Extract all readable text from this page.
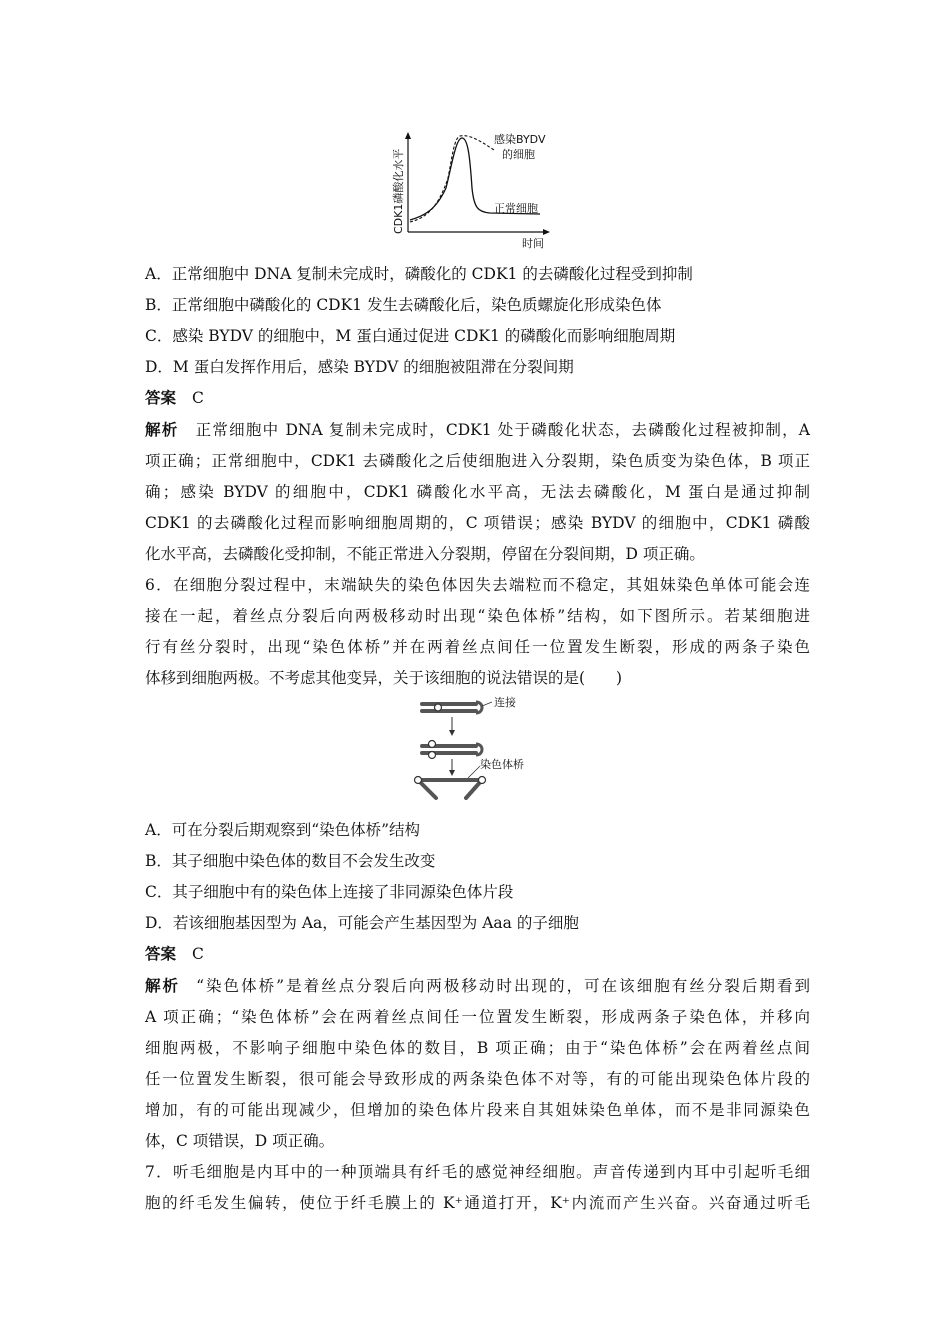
CDK1磷酸化水平
时间
感染BYDV
的细胞
正常细胞
A．正常细胞中 DNA 复制未完成时，磷酸化的 CDK1 的去磷酸化过程受到抑制
B．正常细胞中磷酸化的 CDK1 发生去磷酸化后，染色质螺旋化形成染色体
C．感染 BYDV 的细胞中，M 蛋白通过促进 CDK1 的磷酸化而影响细胞周期
D．M 蛋白发挥作用后，感染 BYDV 的细胞被阻滞在分裂间期
答案 C
解析 正常细胞中 DNA 复制未完成时，CDK1 处于磷酸化状态，去磷酸化过程被抑制，A
项正确；正常细胞中，CDK1 去磷酸化之后使细胞进入分裂期，染色质变为染色体，B 项正
确；感染 BYDV 的细胞中，CDK1 磷酸化水平高，无法去磷酸化，M 蛋白是通过抑制
CDK1 的去磷酸化过程而影响细胞周期的，C 项错误；感染 BYDV 的细胞中，CDK1 磷酸
化水平高，去磷酸化受抑制，不能正常进入分裂期，停留在分裂间期，D 项正确。
6．在细胞分裂过程中，末端缺失的染色体因失去端粒而不稳定，其姐妹染色单体可能会连
接在一起，着丝点分裂后向两极移动时出现“染色体桥”结构，如下图所示。若某细胞进
行有丝分裂时，出现“染色体桥”并在两着丝点间任一位置发生断裂，形成的两条子染色
体移到细胞两极。不考虑其他变异，关于该细胞的说法错误的是(　　)
连接
染色体桥
A．可在分裂后期观察到“染色体桥”结构
B．其子细胞中染色体的数目不会发生改变
C．其子细胞中有的染色体上连接了非同源染色体片段
D．若该细胞基因型为 Aa，可能会产生基因型为 Aaa 的子细胞
答案 C
解析 “染色体桥”是着丝点分裂后向两极移动时出现的，可在该细胞有丝分裂后期看到
A 项正确；“染色体桥”会在两着丝点间任一位置发生断裂，形成两条子染色体，并移向
细胞两极，不影响子细胞中染色体的数目，B 项正确；由于“染色体桥”会在两着丝点间
任一位置发生断裂，很可能会导致形成的两条染色体不对等，有的可能出现染色体片段的
增加，有的可能出现减少，但增加的染色体片段来自其姐妹染色单体，而不是非同源染色
体，C 项错误，D 项正确。
7．听毛细胞是内耳中的一种顶端具有纤毛的感觉神经细胞。声音传递到内耳中引起听毛细
胞的纤毛发生偏转，使位于纤毛膜上的 K⁺通道打开，K⁺内流而产生兴奋。兴奋通过听毛
